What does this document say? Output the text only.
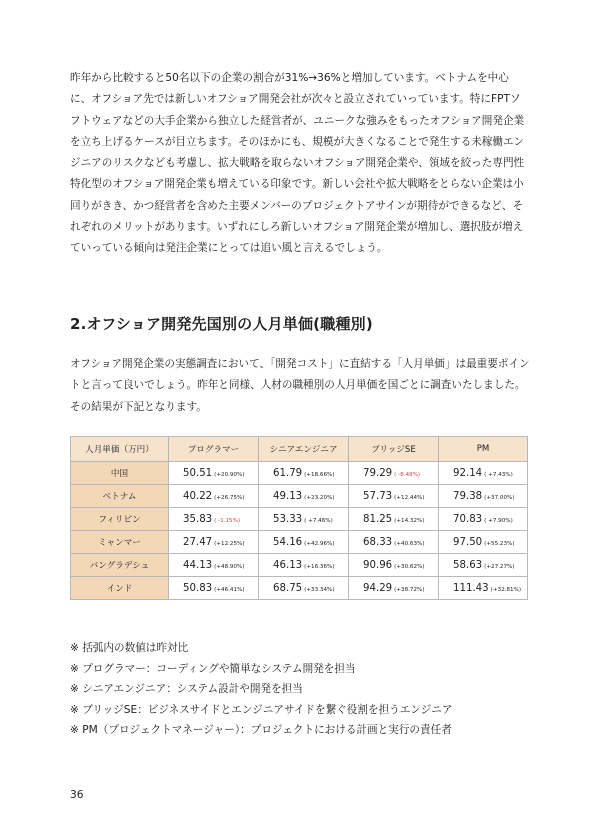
昨年から比較すると50名以下の企業の割合が31%→36%と増加しています。ベトナムを中心に、オフショア先では新しいオフショア開発会社が次々と設立されていっています。特にFPTソフトウェアなどの大手企業から独立した経営者が、ユニークな強みをもったオフショア開発企業を立ち上げるケースが目立ちます。そのほかにも、規模が大きくなることで発生する未稼働エンジニアのリスクなども考慮し、拡大戦略を取らないオフショア開発企業や、領域を絞った専門性特化型のオフショア開発企業も増えている印象です。新しい会社や拡大戦略をとらない企業は小回りがきき、かつ経営者を含めた主要メンバーのプロジェクトアサインが期待ができるなど、それぞれのメリットがあります。いずれにしろ新しいオフショア開発企業が増加し、選択肢が増えていっている傾向は発注企業にとっては追い風と言えるでしょう。

2.オフショア開発先国別の人月単価(職種別)

オフショア開発企業の実態調査において、「開発コスト」に直結する「人月単価」は最重要ポイントと言って良いでしょう。昨年と同様、人材の職種別の人月単価を国ごとに調査いたしました。その結果が下記となります。

人月単価（万円）	プログラマー	シニアエンジニア	ブリッジSE	PM
中国	50.51 (+20.90%)	61.79 (+18.66%)	79.29 ( -8.48%)	92.14 ( +7.43%)
ベトナム	40.22 (+26.75%)	49.13 (+23.20%)	57.73 (+12.44%)	79.38 (+37.00%)
フィリピン	35.83 ( -1.15%)	53.33 ( +7.46%)	81.25 (+14.32%)	70.83 ( +7.90%)
ミャンマー	27.47 (+12.25%)	54.16 (+42.96%)	68.33 (+40.63%)	97.50 (+55.23%)
バングラデシュ	44.13 (+48.90%)	46.13 (+16.36%)	90.96 (+30.62%)	58.63 (+27.27%)
インド	50.83 (+46.41%)	68.75 (+33.34%)	94.29 (+38.72%)	111.43 (+32.81%)
※ 括弧内の数値は昨対比
※ プログラマー：コーディングや簡単なシステム開発を担当
※ シニアエンジニア：システム設計や開発を担当
※ ブリッジSE：ビジネスサイドとエンジニアサイドを繋ぐ役割を担うエンジニア
※ PM（プロジェクトマネージャー）：プロジェクトにおける計画と実行の責任者
36
